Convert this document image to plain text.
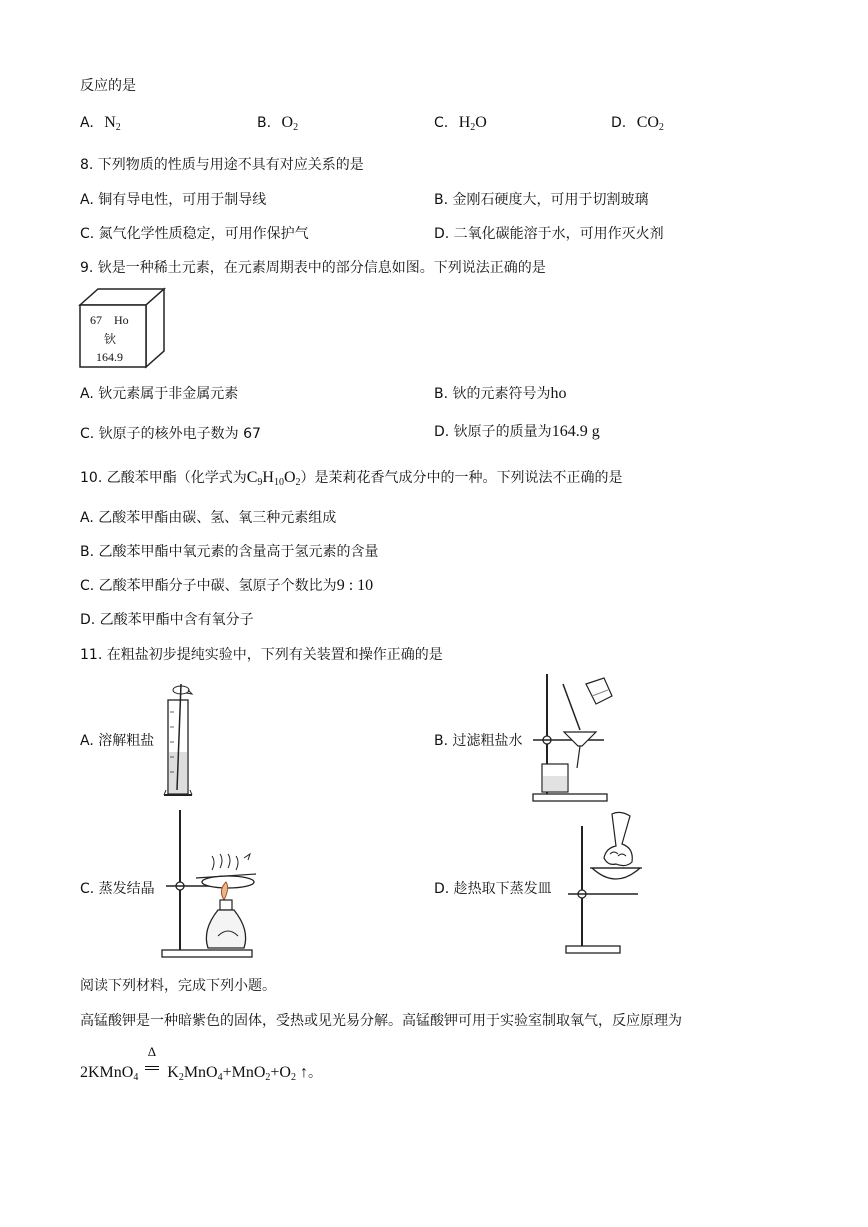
反应的是
A. $N_2$	B. $O_2$	C. $H_2O$	D. $CO_2$
8. 下列物质的性质与用途不具有对应关系的是
A. 铜有导电性，可用于制导线	B. 金刚石硬度大，可用于切割玻璃
C. 氮气化学性质稳定，可用作保护气	D. 二氧化碳能溶于水，可用作灭火剂
9. 钬是一种稀土元素，在元素周期表中的部分信息如图。下列说法正确的是
67 Ho
钬
164.9
A. 钬元素属于非金属元素	B. 钬的元素符号为ho
C. 钬原子的核外电子数为 67	D. 钬原子的质量为164.9 g
10. 乙酸苯甲酯（化学式为$C_9H_{10}O_2$）是茉莉花香气成分中的一种。下列说法不正确的是
A. 乙酸苯甲酯由碳、氢、氧三种元素组成
B. 乙酸苯甲酯中氧元素的含量高于氢元素的含量
C. 乙酸苯甲酯分子中碳、氢原子个数比为9 : 10
D. 乙酸苯甲酯中含有氧分子
11. 在粗盐初步提纯实验中，下列有关装置和操作正确的是
A. 溶解粗盐	B. 过滤粗盐水
C. 蒸发结晶	D. 趁热取下蒸发皿
阅读下列材料，完成下列小题。
高锰酸钾是一种暗紫色的固体，受热或见光易分解。高锰酸钾可用于实验室制取氧气，反应原理为
2KMnO$_4$
Δ
$K_2MnO_4+MnO_2+O_2$ ↑。
